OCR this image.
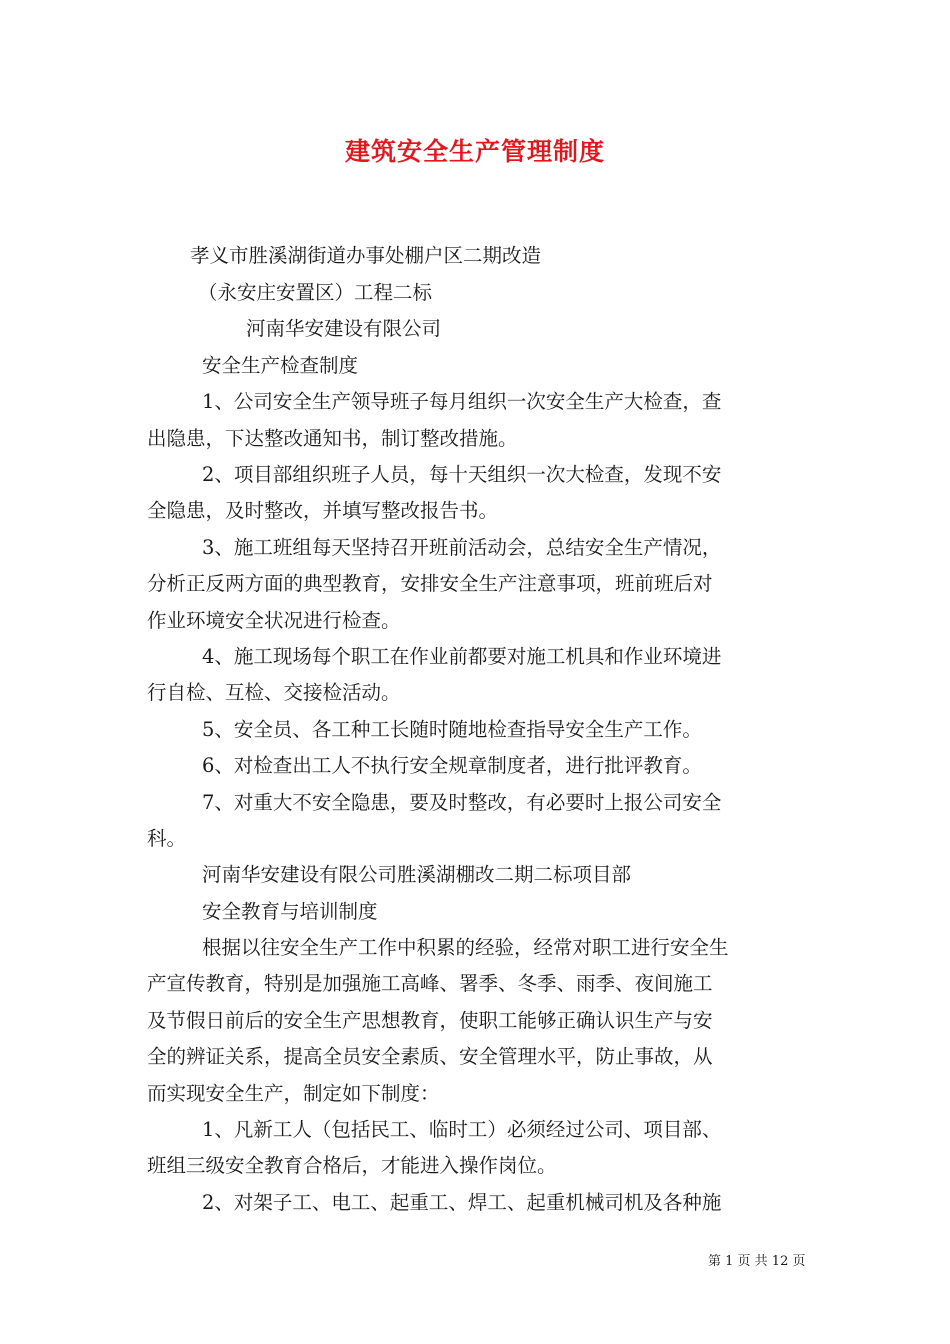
建筑安全生产管理制度
孝义市胜溪湖街道办事处棚户区二期改造
（永安庄安置区）工程二标
河南华安建设有限公司
安全生产检查制度
1、公司安全生产领导班子每月组织一次安全生产大检查，查
出隐患，下达整改通知书，制订整改措施。
2、项目部组织班子人员，每十天组织一次大检查，发现不安
全隐患，及时整改，并填写整改报告书。
3、施工班组每天坚持召开班前活动会，总结安全生产情况，
分析正反两方面的典型教育，安排安全生产注意事项，班前班后对
作业环境安全状况进行检查。
4、施工现场每个职工在作业前都要对施工机具和作业环境进
行自检、互检、交接检活动。
5、安全员、各工种工长随时随地检查指导安全生产工作。
6、对检查出工人不执行安全规章制度者，进行批评教育。
7、对重大不安全隐患，要及时整改，有必要时上报公司安全
科。
河南华安建设有限公司胜溪湖棚改二期二标项目部
安全教育与培训制度
根据以往安全生产工作中积累的经验，经常对职工进行安全生
产宣传教育，特别是加强施工高峰、署季、冬季、雨季、夜间施工
及节假日前后的安全生产思想教育，使职工能够正确认识生产与安
全的辨证关系，提高全员安全素质、安全管理水平，防止事故，从
而实现安全生产，制定如下制度：
1、凡新工人（包括民工、临时工）必须经过公司、项目部、
班组三级安全教育合格后，才能进入操作岗位。
2、对架子工、电工、起重工、焊工、起重机械司机及各种施
第 1 页 共 12 页
